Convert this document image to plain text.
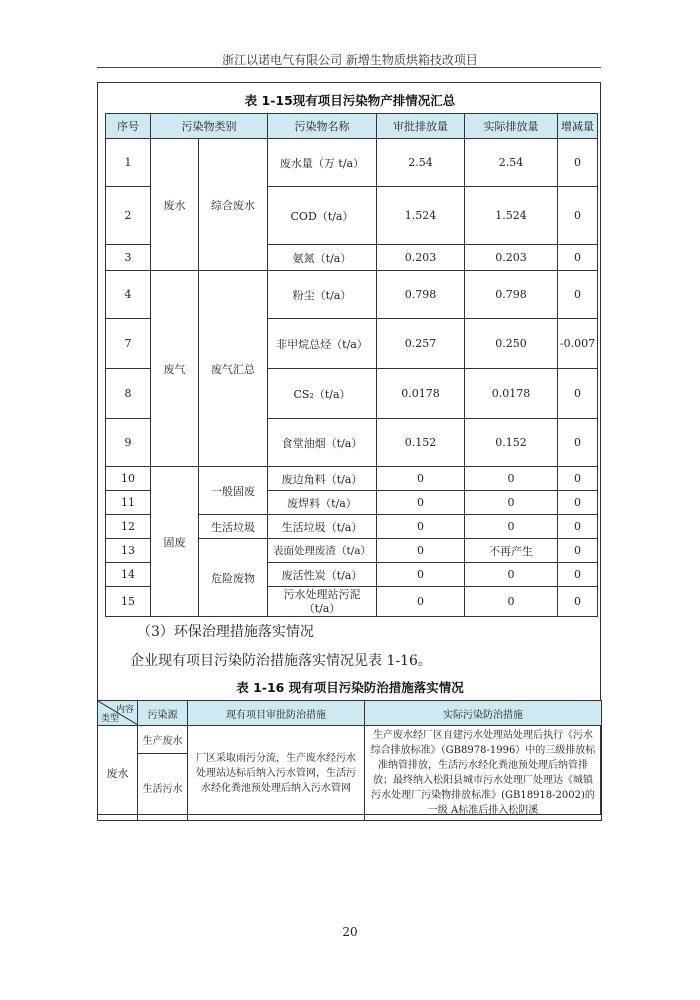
浙江以诺电气有限公司 新增生物质烘箱技改项目
表 1-15现有项目污染物产排情况汇总
序号	污染物类别		污染物名称	审批排放量	实际排放量	增减量
1	废水	综合废水	废水量（万 t/a）	2.54	2.54	0
2			COD（t/a）	1.524	1.524	0
3			氨氮（t/a）	0.203	0.203	0
4	废气	废气汇总	粉尘（t/a）	0.798	0.798	0
7			非甲烷总烃（t/a）	0.257	0.250	-0.007
8			CS₂（t/a）	0.0178	0.0178	0
9			食堂油烟（t/a）	0.152	0.152	0
10	固废	一般固废	废边角料（t/a）	0	0	0
11			废焊料（t/a）	0	0	0
12		生活垃圾	生活垃圾（t/a）	0	0	0
13		危险废物	表面处理废渣（t/a）	0	不再产生	0
14			废活性炭（t/a）	0	0	0
15			污水处理站污泥（t/a）	0	0	0
（3）环保治理措施落实情况
企业现有项目污染防治措施落实情况见表 1-16。
表 1-16 现有项目污染防治措施落实情况
内容
类型	污染源	现有项目审批防治措施	实际污染防治措施
废水	生产废水	厂区采取雨污分流，生产废水经污水处理站达标后纳入污水管网，生活污水经化粪池预处理后纳入污水管网	生产废水经厂区自建污水处理站处理后执行《污水综合排放标准》（GB8978-1996）中的三级排放标准纳管排放，生活污水经化粪池预处理后纳管排放；最终纳入松阳县城市污水处理厂处理达《城镇污水处理厂污染物排放标准》(GB18918-2002)的一级 A标准后排入松阴溪
	生活污水		
20
